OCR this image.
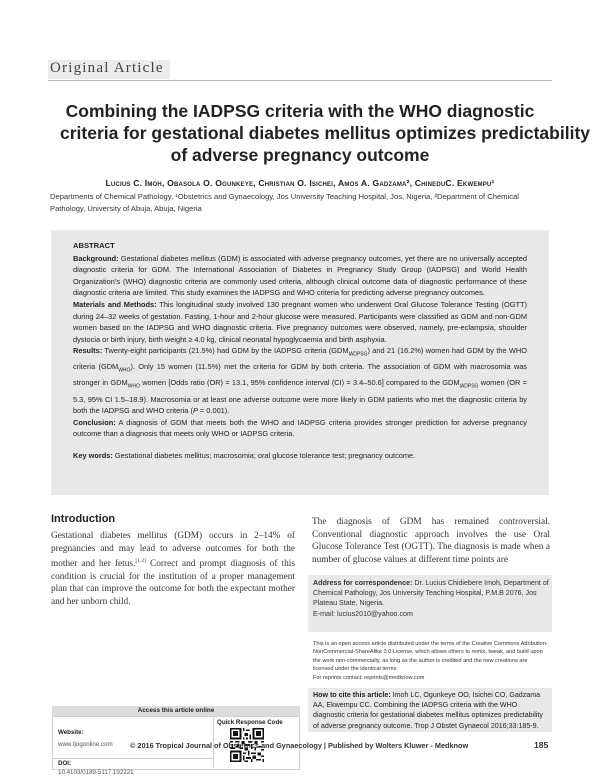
Original Article
Combining the IADPSG criteria with the WHO diagnostic
criteria for gestational diabetes mellitus optimizes predictability
of adverse pregnancy outcome
Lucius C. Imoh, Obasola O. Ogunkeye, Christian O. Isichei, Amos A. Gadzama², ChineduC. Ekwempu¹
Departments of Chemical Pathology, ¹Obstetrics and Gynaecology, Jos University Teaching Hospital, Jos, Nigeria, ²Department of Chemical Pathology, University of Abuja, Abuja, Nigeria

ABSTRACT

Background: Gestational diabetes mellitus (GDM) is associated with adverse pregnancy outcomes, yet there are no universally accepted diagnostic criteria for GDM. The International Association of Diabetes in Pregnancy Study Group (IADPSG) and World Health Organization’s (WHO) diagnostic criteria are commonly used criteria, although clinical outcome data of diagnostic performance of these diagnostic criteria are limited. This study examines the IADPSG and WHO criteria for predicting adverse pregnancy outcomes.

Materials and Methods: This longitudinal study involved 130 pregnant women who underwent Oral Glucose Tolerance Testing (OGTT) during 24–32 weeks of gestation. Fasting, 1-hour and 2-hour glucose were measured. Participants were classified as GDM and non-GDM women based on the IADPSG and WHO diagnostic criteria. Five pregnancy outcomes were observed, namely, pre-eclampsia, shoulder dystocia or birth injury, birth weight ≥ 4.0 kg, clinical neonatal hypoglycaemia and birth asphyxia.

Results: Twenty-eight participants (21.5%) had GDM by the IADPSG criteria $(GDM_{IADPSG})$ and 21 (16.2%) women had GDM by the WHO criteria $(GDM_{WHO})$. Only 15 women (11.5%) met the criteria for GDM by both criteria. The association of GDM with macrosomia was stronger in $GDM_{WHO}$ women [Odds ratio (OR) = 13.1, 95% confidence interval (CI) = 3.4–50.6] compared to the $GDM_{IADPSG}$ women (OR = 5.3, 95% CI 1.5–18.9). Macrosomia or at least one adverse outcome were more likely in GDM patients who met the diagnostic criteria by both the IADPSG and WHO criteria (P = 0.001).

Conclusion: A diagnosis of GDM that meets both the WHO and IADPSG criteria provides stronger prediction for adverse pregnancy outcome than a diagnosis that meets only WHO or IADPSG criteria.

Key words: Gestational diabetes mellitus; macrosomia; oral glucose tolerance test; pregnancy outcome.

Introduction
Gestational diabetes mellitus (GDM) occurs in 2–14% of pregnancies and may lead to adverse outcomes for both the mother and her fetus.[1,2] Correct and prompt diagnosis of this condition is crucial for the institution of a proper management plan that can improve the outcome for both the expectant mother and her unborn child.
The diagnosis of GDM has remained controversial. Conventional diagnostic approach involves the use Oral Glucose Tolerance Test (OGTT). The diagnosis is made when a number of glucose values at different time points are
Access this article online
Website:
www.tjogonline.com
Quick Response Code
DOI:
10.4103/0189-5117.192221
Address for correspondence: Dr. Lucius Chidiebere Imoh, Department of Chemical Pathology, Jos University Teaching Hospital, P.M.B 2076, Jos Plateau State, Nigeria.
E-mail: lucius2010@yahoo.com
This is an open access article distributed under the terms of the Creative Commons Attribution-NonCommercial-ShareAlike 3.0 License, which allows others to remix, tweak, and build upon the work non-commercially, as long as the author is credited and the new creations are licensed under the identical terms.
For reprints contact: reprints@medknow.com
How to cite this article: Imoh LC, Ogunkeye OO, Isichei CO, Gadzama AA, Ekwempu CC. Combining the IADPSG criteria with the WHO diagnostic criteria for gestational diabetes mellitus optimizes predictability of adverse pregnancy outcome. Trop J Obstet Gynaecol 2016;33:185-9.
© 2016 Tropical Journal of Obstetrics and Gynaecology | Published by Wolters Kluwer - Medknow	185
